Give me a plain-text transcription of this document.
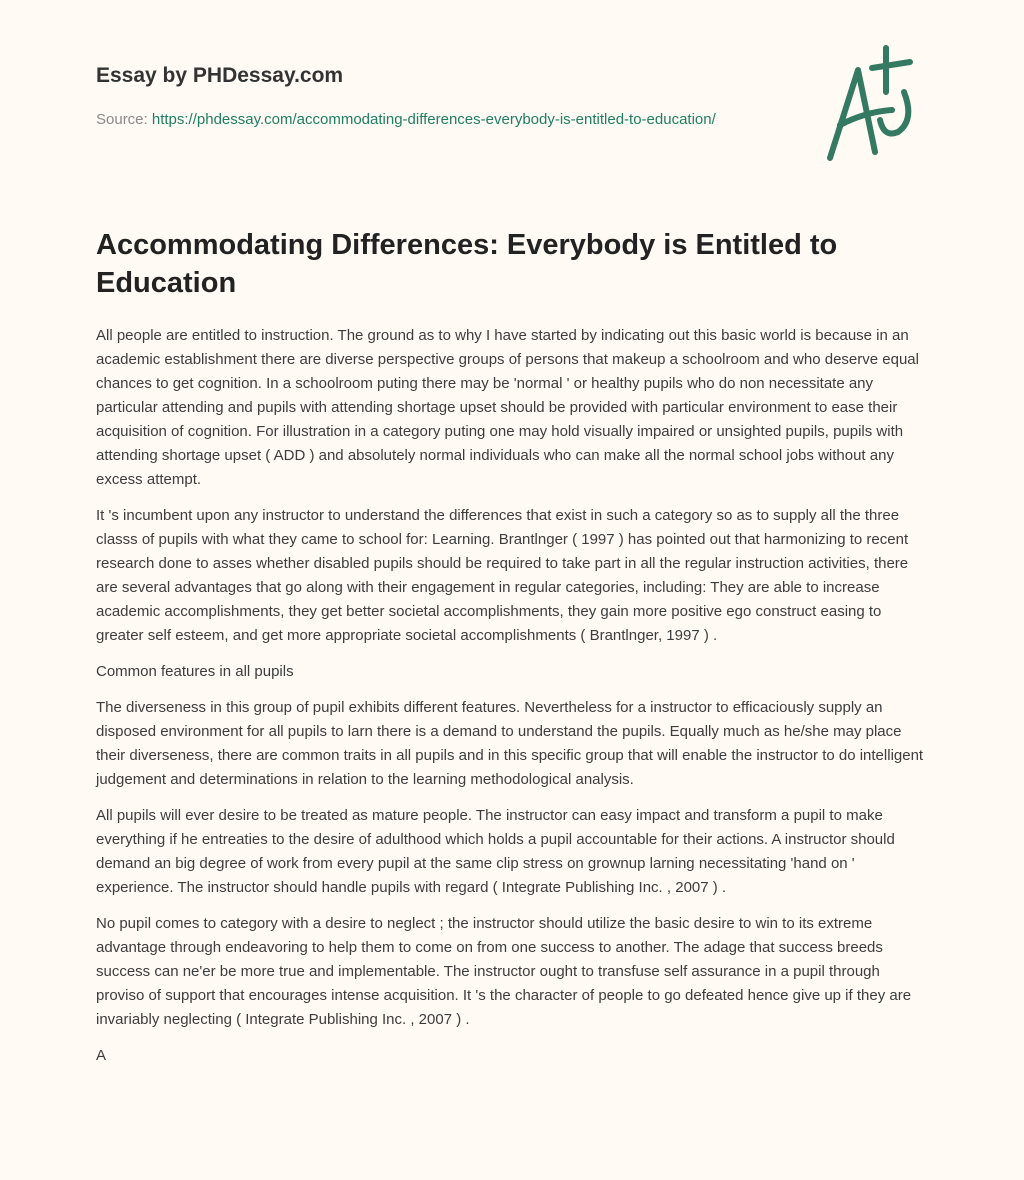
Essay by PHDessay.com

Source: https://phdessay.com/accommodating-differences-everybody-is-entitled-to-education/
Accommodating Differences: Everybody is Entitled to Education

All people are entitled to instruction. The ground as to why I have started by indicating out this basic world is because in an academic establishment there are diverse perspective groups of persons that makeup a schoolroom and who deserve equal chances to get cognition. In a schoolroom puting there may be 'normal ' or healthy pupils who do non necessitate any particular attending and pupils with attending shortage upset should be provided with particular environment to ease their acquisition of cognition. For illustration in a category puting one may hold visually impaired or unsighted pupils, pupils with attending shortage upset ( ADD ) and absolutely normal individuals who can make all the normal school jobs without any excess attempt.

It 's incumbent upon any instructor to understand the differences that exist in such a category so as to supply all the three classs of pupils with what they came to school for: Learning. Brantlnger ( 1997 ) has pointed out that harmonizing to recent research done to asses whether disabled pupils should be required to take part in all the regular instruction activities, there are several advantages that go along with their engagement in regular categories, including: They are able to increase academic accomplishments, they get better societal accomplishments, they gain more positive ego construct easing to greater self esteem, and get more appropriate societal accomplishments ( Brantlnger, 1997 ) .

Common features in all pupils

The diverseness in this group of pupil exhibits different features. Nevertheless for a instructor to efficaciously supply an disposed environment for all pupils to larn there is a demand to understand the pupils. Equally much as he/she may place their diverseness, there are common traits in all pupils and in this specific group that will enable the instructor to do intelligent judgement and determinations in relation to the learning methodological analysis.

All pupils will ever desire to be treated as mature people. The instructor can easy impact and transform a pupil to make everything if he entreaties to the desire of adulthood which holds a pupil accountable for their actions. A instructor should demand an big degree of work from every pupil at the same clip stress on grownup larning necessitating 'hand on ' experience. The instructor should handle pupils with regard ( Integrate Publishing Inc. , 2007 ) .

No pupil comes to category with a desire to neglect ; the instructor should utilize the basic desire to win to its extreme advantage through endeavoring to help them to come on from one success to another. The adage that success breeds success can ne'er be more true and implementable. The instructor ought to transfuse self assurance in a pupil through proviso of support that encourages intense acquisition. It 's the character of people to go defeated hence give up if they are invariably neglecting ( Integrate Publishing Inc. , 2007 ) .

A
